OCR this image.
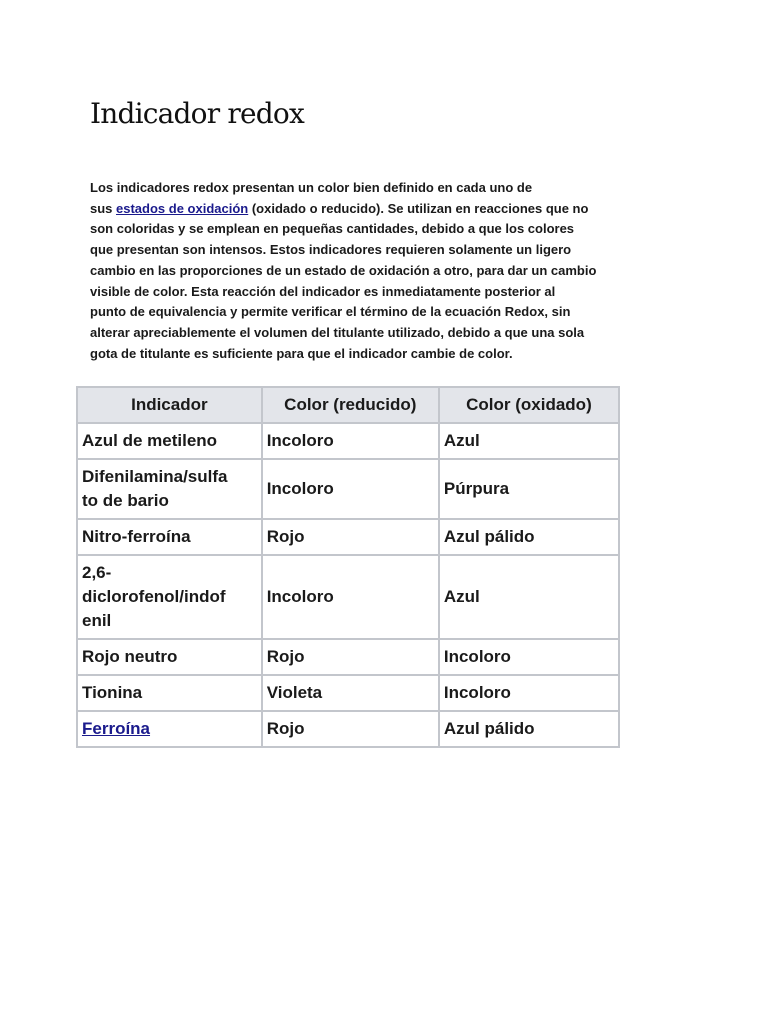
Indicador redox

Los indicadores redox presentan un color bien definido en cada uno de
sus estados de oxidación (oxidado o reducido). Se utilizan en reacciones que no
son coloridas y se emplean en pequeñas cantidades, debido a que los colores
que presentan son intensos. Estos indicadores requieren solamente un ligero
cambio en las proporciones de un estado de oxidación a otro, para dar un cambio
visible de color. Esta reacción del indicador es inmediatamente posterior al
punto de equivalencia y permite verificar el término de la ecuación Redox, sin
alterar apreciablemente el volumen del titulante utilizado, debido a que una sola
gota de titulante es suficiente para que el indicador cambie de color.

Indicador	Color (reducido)	Color (oxidado)
Azul de metileno	Incoloro	Azul
Difenilamina/sulfa
to de bario	Incoloro	Púrpura
Nitro-ferroína	Rojo	Azul pálido
2,6-
diclorofenol/indof
enil	Incoloro	Azul
Rojo neutro	Rojo	Incoloro
Tionina	Violeta	Incoloro
Ferroína	Rojo	Azul pálido
